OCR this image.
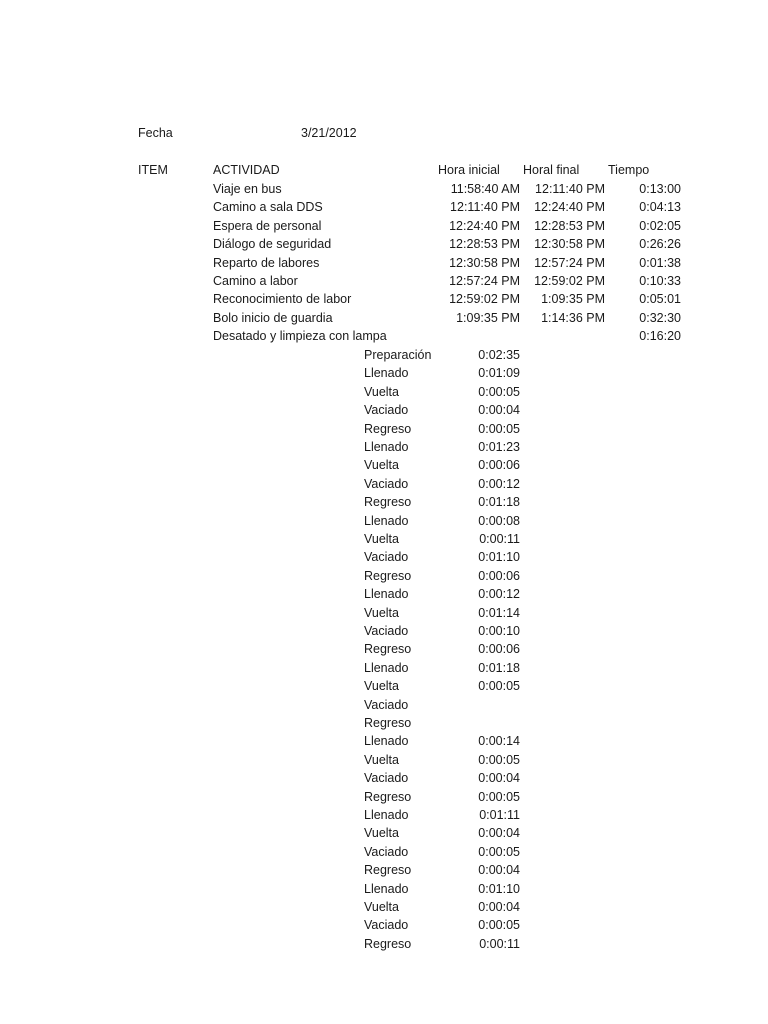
Fecha	3/21/2012
ITEM	ACTIVIDAD	Hora inicial Horal final Tiempo
Viaje en bus	11:58:40 AM 12:11:40 PM	0:13:00
Camino a sala DDS	12:11:40 PM 12:24:40 PM	0:04:13
Espera de personal	12:24:40 PM 12:28:53 PM	0:02:05
Diálogo de seguridad	12:28:53 PM 12:30:58 PM	0:26:26
Reparto de labores	12:30:58 PM 12:57:24 PM	0:01:38
Camino a labor	12:57:24 PM 12:59:02 PM	0:10:33
Reconocimiento de labor	12:59:02 PM 1:09:35 PM	0:05:01
Bolo inicio de guardia	1:09:35 PM 1:14:36 PM	0:32:30
Desatado y limpieza con lampa	0:16:20
Preparación	0:02:35
Llenado	0:01:09
Vuelta	0:00:05
Vaciado	0:00:04
Regreso	0:00:05
Llenado	0:01:23
Vuelta	0:00:06
Vaciado	0:00:12
Regreso	0:01:18
Llenado	0:00:08
Vuelta	0:00:11
Vaciado	0:01:10
Regreso	0:00:06
Llenado	0:00:12
Vuelta	0:01:14
Vaciado	0:00:10
Regreso	0:00:06
Llenado	0:01:18
Vuelta	0:00:05
Vaciado
Regreso
Llenado	0:00:14
Vuelta	0:00:05
Vaciado	0:00:04
Regreso	0:00:05
Llenado	0:01:11
Vuelta	0:00:04
Vaciado	0:00:05
Regreso	0:00:04
Llenado	0:01:10
Vuelta	0:00:04
Vaciado	0:00:05
Regreso	0:00:11
